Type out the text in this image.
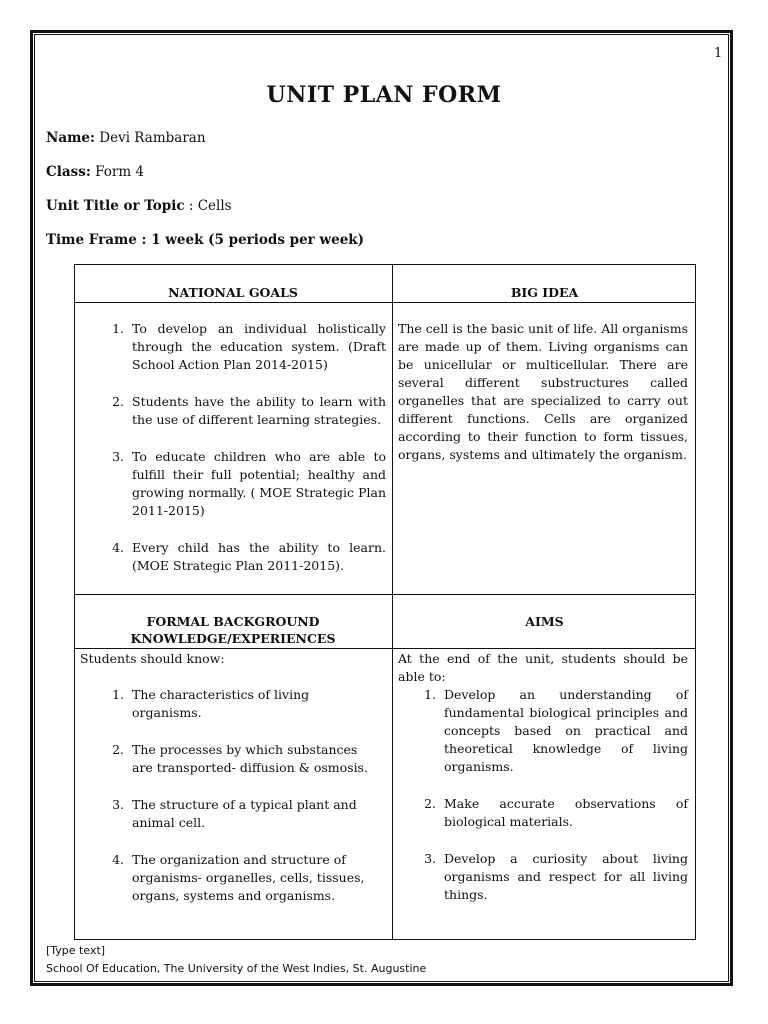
1
UNIT PLAN FORM
Name: Devi Rambaran
Class: Form 4
Unit Title or Topic : Cells
Time Frame : 1 week (5 periods per week)
NATIONAL GOALS	BIG IDEA
1. To develop an individual holistically through the education system. (Draft School Action Plan 2014-2015)
2. Students have the ability to learn with the use of different learning strategies.
3. To educate children who are able to fulfill their full potential; healthy and growing normally. ( MOE Strategic Plan 2011-2015)
4. Every child has the ability to learn. (MOE Strategic Plan 2011-2015).
The cell is the basic unit of life. All organisms are made up of them. Living organisms can be unicellular or multicellular. There are several different substructures called organelles that are specialized to carry out different functions. Cells are organized according to their function to form tissues, organs, systems and ultimately the organism.
FORMAL BACKGROUND
KNOWLEDGE/EXPERIENCES
AIMS
Students should know:
1. The characteristics of living organisms.
2. The processes by which substances are transported- diffusion & osmosis.
3. The structure of a typical plant and animal cell.
4. The organization and structure of organisms- organelles, cells, tissues, organs, systems and organisms.
At the end of the unit, students should be able to:
1. Develop an understanding of fundamental biological principles and concepts based on practical and theoretical knowledge of living organisms.
2. Make accurate observations of biological materials.
3. Develop a curiosity about living organisms and respect for all living things.
[Type text]
School Of Education, The University of the West Indies, St. Augustine
